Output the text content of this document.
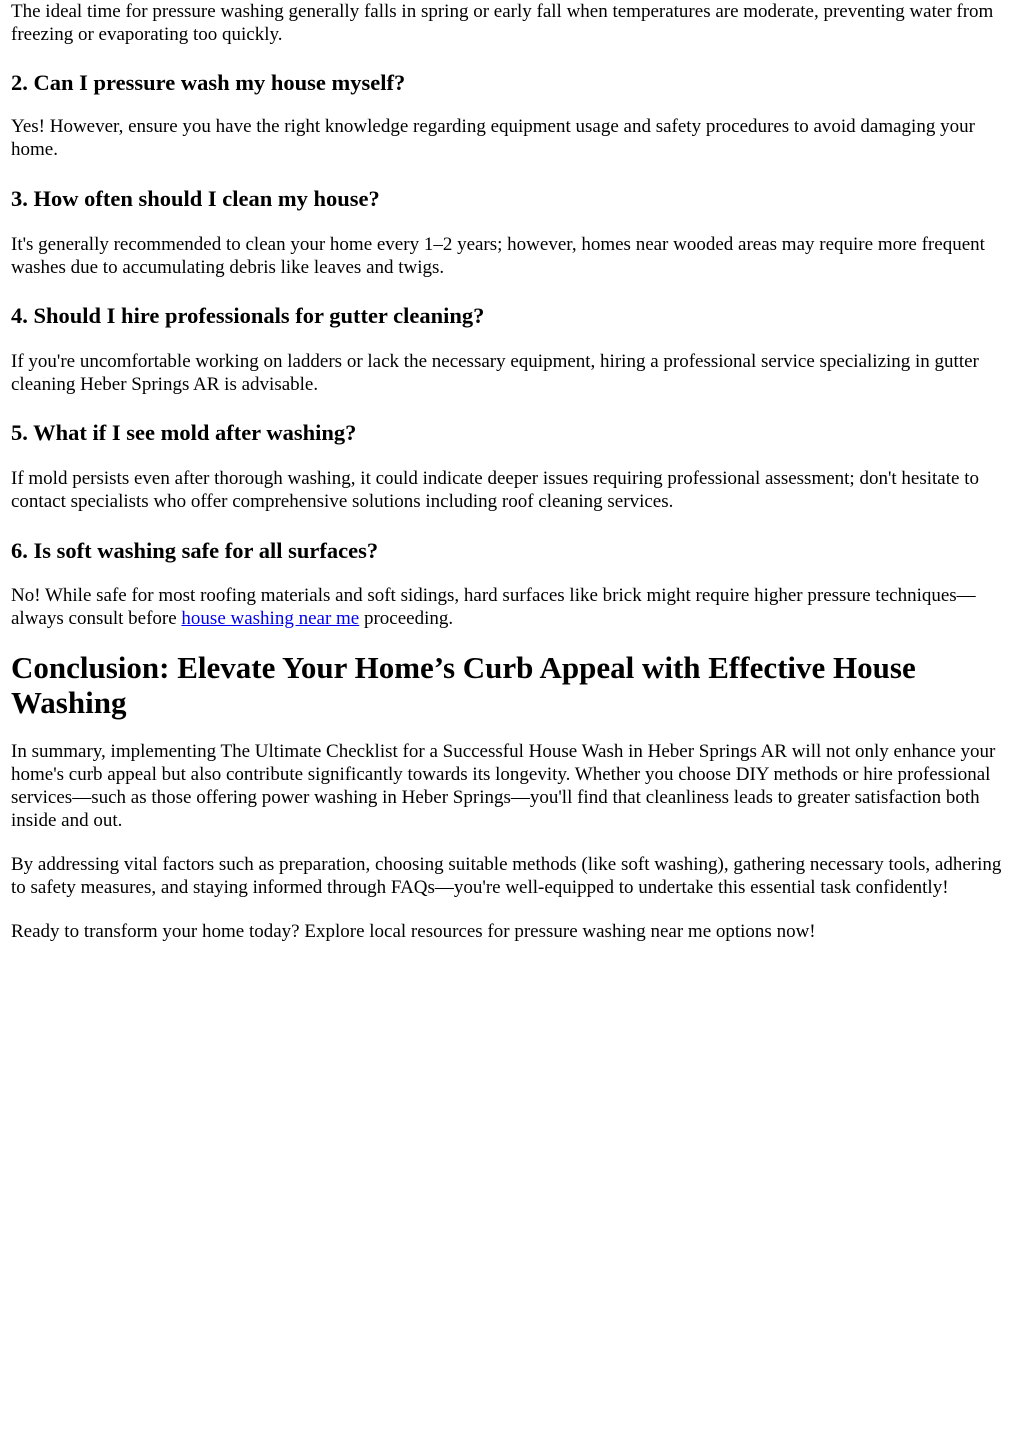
The ideal time for pressure washing generally falls in spring or early fall when temperatures are moderate, preventing water from freezing or evaporating too quickly.

2. Can I pressure wash my house myself?

Yes! However, ensure you have the right knowledge regarding equipment usage and safety procedures to avoid damaging your home.

3. How often should I clean my house?

It's generally recommended to clean your home every 1–2 years; however, homes near wooded areas may require more frequent washes due to accumulating debris like leaves and twigs.

4. Should I hire professionals for gutter cleaning?

If you're uncomfortable working on ladders or lack the necessary equipment, hiring a professional service specializing in gutter cleaning Heber Springs AR is advisable.

5. What if I see mold after washing?

If mold persists even after thorough washing, it could indicate deeper issues requiring professional assessment; don't hesitate to contact specialists who offer comprehensive solutions including roof cleaning services.

6. Is soft washing safe for all surfaces?

No! While safe for most roofing materials and soft sidings, hard surfaces like brick might require higher pressure techniques—always consult before house washing near me proceeding.

Conclusion: Elevate Your Home’s Curb Appeal with Effective House Washing

In summary, implementing The Ultimate Checklist for a Successful House Wash in Heber Springs AR will not only enhance your home's curb appeal but also contribute significantly towards its longevity. Whether you choose DIY methods or hire professional services—such as those offering power washing in Heber Springs—you'll find that cleanliness leads to greater satisfaction both inside and out.

By addressing vital factors such as preparation, choosing suitable methods (like soft washing), gathering necessary tools, adhering to safety measures, and staying informed through FAQs—you're well-equipped to undertake this essential task confidently!

Ready to transform your home today? Explore local resources for pressure washing near me options now!
